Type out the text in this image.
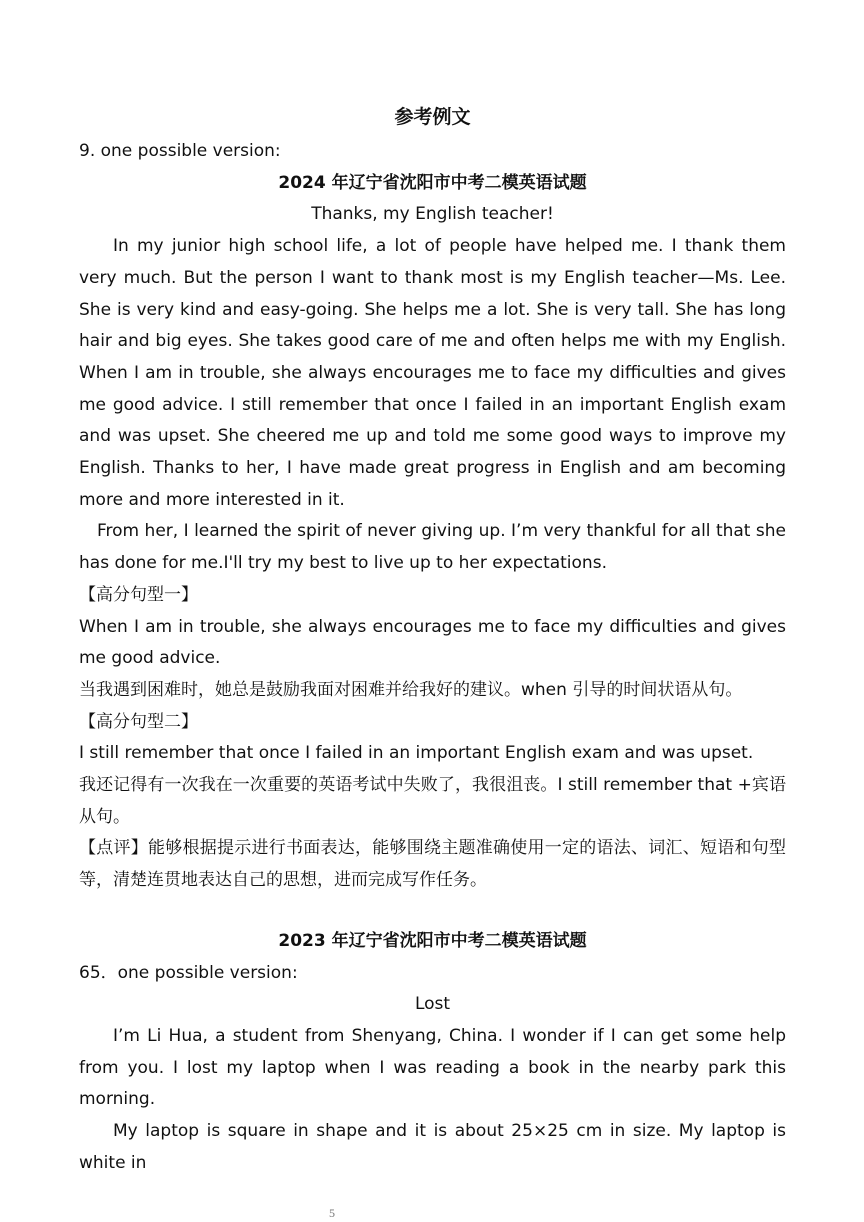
参考例文
9. one possible version:
2024 年辽宁省沈阳市中考二模英语试题
Thanks, my English teacher!
In my junior high school life, a lot of people have helped me. I thank them very much. But the person I want to thank most is my English teacher—Ms. Lee. She is very kind and easy-going. She helps me a lot. She is very tall. She has long hair and big eyes. She takes good care of me and often helps me with my English. When I am in trouble, she always encourages me to face my difficulties and gives me good advice. I still remember that once I failed in an important English exam and was upset. She cheered me up and told me some good ways to improve my English. Thanks to her, I have made great progress in English and am becoming more and more interested in it.
From her, I learned the spirit of never giving up. I’m very thankful for all that she has done for me.I'll try my best to live up to her expectations.
【高分句型一】
When I am in trouble, she always encourages me to face my difficulties and gives me good advice.
当我遇到困难时，她总是鼓励我面对困难并给我好的建议。when 引导的时间状语从句。
【高分句型二】
I still remember that once I failed in an important English exam and was upset.
我还记得有一次我在一次重要的英语考试中失败了，我很沮丧。I still remember that +宾语从句。
【点评】能够根据提示进行书面表达，能够围绕主题准确使用一定的语法、词汇、短语和句型等，清楚连贯地表达自己的思想，进而完成写作任务。
2023 年辽宁省沈阳市中考二模英语试题
65．one possible version:
Lost
I’m Li Hua, a student from Shenyang, China. I wonder if I can get some help from you. I lost my laptop when I was reading a book in the nearby park this morning.
My laptop is square in shape and it is about 25×25 cm in size. My laptop is white in
5
